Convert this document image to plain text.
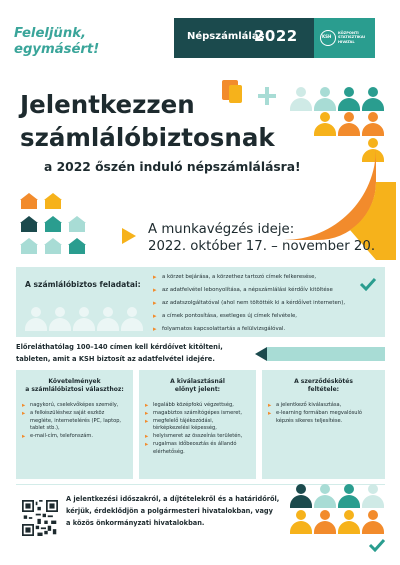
Feleljünk,
egymásért!
Népszámlálás
2022	KSH
KÖZPONTI
STATISZTIKAI
HIVATAL
Jelentkezzen
számlálóbiztosnak
a 2022 őszén induló népszámlálásra!
A munkavégzés ideje:
2022. október 17. – november 20.
A számlálóbiztos feladatai:
▸ a körzet bejárása, a körzethez tartozó címek felkeresése,
▸ az adatfelvétel lebonyolítása, a népszámlálási kérdőív kitöltése
▸ az adatszolgáltatóval (ahol nem töltötték ki a kérdőívet interneten),
▸ a címek pontosítása, esetleges új címek felvétele,
▸ folyamatos kapcsolattartás a felülvizsgálóval.
Előreláthatólag 100–140 címen kell kérdőívet kitölteni,
tableten, amit a KSH biztosít az adatfelvétel idejére.
Követelmények
a számlálóbiztosi választhoz:
▸ nagykorú, cselekvőképes személy,
▸ a felkészüléshez saját eszköz megléte, internetelérés (PC, laptop, tablet stb.),
▸ e-mail-cím, telefonszám.
A kiválasztásnál
előnyt jelent:
▸ legalább középfokú végzettség,
▸ magabiztos számítógépes ismeret,
▸ megfelelő tájékozódási, térképkezelési képesség,
▸ helyismeret az összeírás területén,
▸ rugalmas időbeosztás és állandó elérhetőség.
A szerződéskötés
feltétele:
▸ a jelentkező kiválasztása,
▸ e-learning formában megvalósuló képzés sikeres teljesítése.
A jelentkezési időszakról, a díjtételekről és a határidőről,
kérjük, érdeklődjön a polgármesteri hivatalokban, vagy
a közös önkormányzati hivatalokban.
